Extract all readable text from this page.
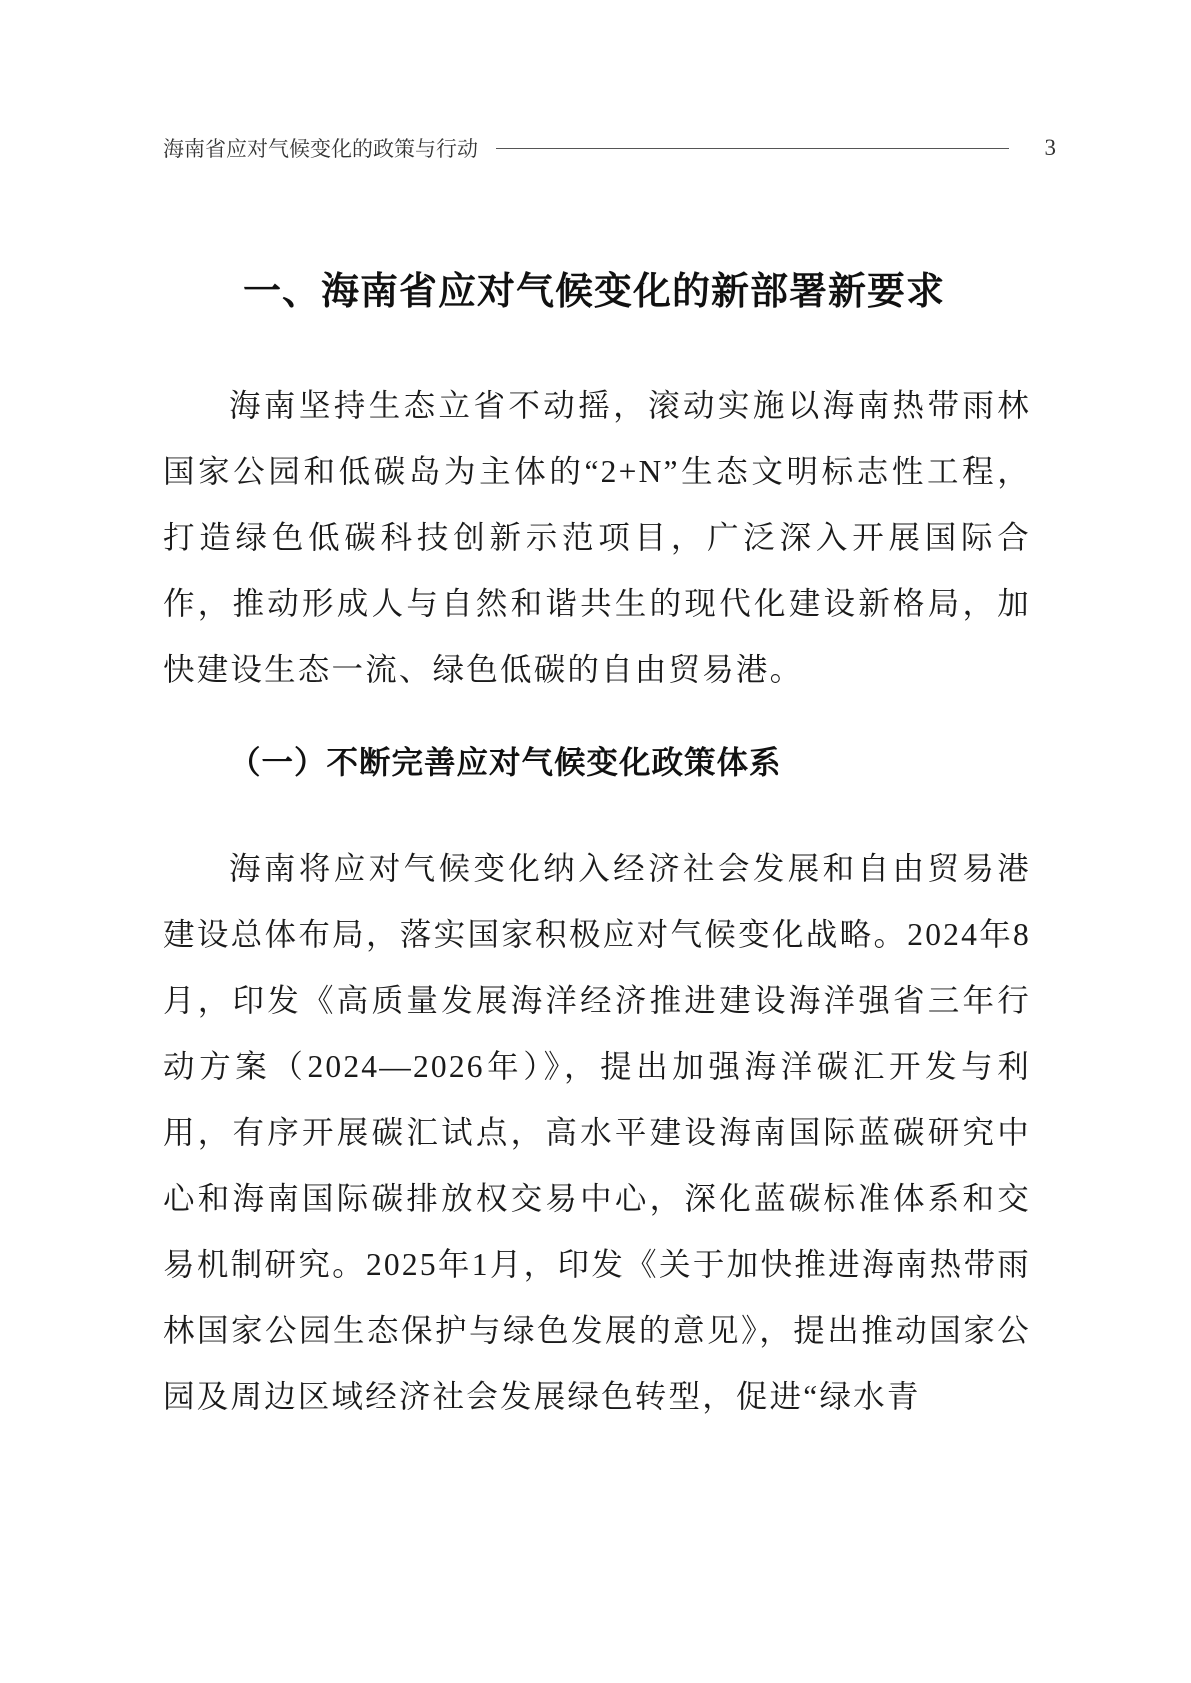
海南省应对气候变化的政策与行动	3
一、海南省应对气候变化的新部署新要求

海南坚持生态立省不动摇，滚动实施以海南热带雨林国家公园和低碳岛为主体的“2+N”生态文明标志性工程，打造绿色低碳科技创新示范项目，广泛深入开展国际合作，推动形成人与自然和谐共生的现代化建设新格局，加快建设生态一流、绿色低碳的自由贸易港。

（一）不断完善应对气候变化政策体系

海南将应对气候变化纳入经济社会发展和自由贸易港建设总体布局，落实国家积极应对气候变化战略。2024年8月，印发《高质量发展海洋经济推进建设海洋强省三年行动方案（2024—2026年）》，提出加强海洋碳汇开发与利用，有序开展碳汇试点，高水平建设海南国际蓝碳研究中心和海南国际碳排放权交易中心，深化蓝碳标准体系和交易机制研究。2025年1月，印发《关于加快推进海南热带雨林国家公园生态保护与绿色发展的意见》，提出推动国家公园及周边区域经济社会发展绿色转型，促进“绿水青
